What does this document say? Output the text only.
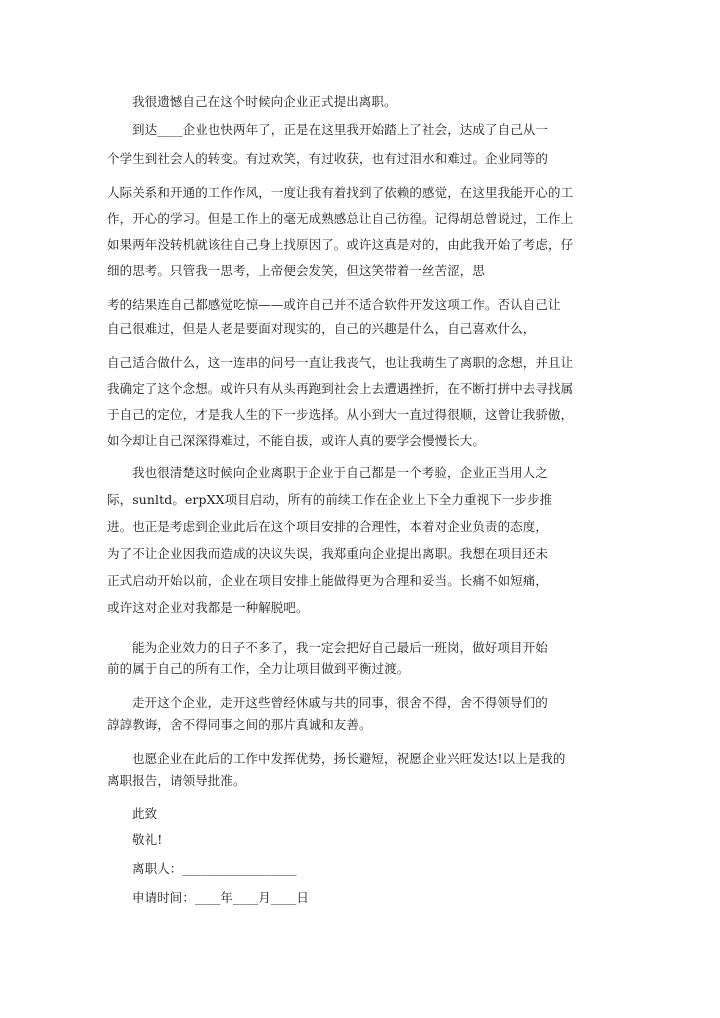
我很遗憾自己在这个时候向企业正式提出离职。
到达____企业也快两年了，正是在这里我开始踏上了社会，达成了自己从一
个学生到社会人的转变。有过欢笑，有过收获，也有过泪水和难过。企业同等的
人际关系和开通的工作作风，一度让我有着找到了依赖的感觉，在这里我能开心的工
作，开心的学习。但是工作上的毫无成熟感总让自己彷徨。记得胡总曾说过，工作上
如果两年没转机就该往自己身上找原因了。或许这真是对的，由此我开始了考虑，仔
细的思考。只管我一思考，上帝便会发笑，但这笑带着一丝苦涩，思
考的结果连自己都感觉吃惊——或许自己并不适合软件开发这项工作。否认自己让
自己很难过，但是人老是要面对现实的，自己的兴趣是什么，自己喜欢什么，
自己适合做什么，这一连串的问号一直让我丧气，也让我萌生了离职的念想，并且让
我确定了这个念想。或许只有从头再跑到社会上去遭遇挫折，在不断打拼中去寻找属
于自己的定位，才是我人生的下一步选择。从小到大一直过得很顺，这曾让我骄傲，
如今却让自己深深得难过，不能自拔，或许人真的要学会慢慢长大。
我也很清楚这时候向企业离职于企业于自己都是一个考验，企业正当用人之
际，sunltd。erpXX项目启动，所有的前续工作在企业上下全力重视下一步步推
进。也正是考虑到企业此后在这个项目安排的合理性，本着对企业负责的态度，
为了不让企业因我而造成的决议失误，我郑重向企业提出离职。我想在项目还未
正式启动开始以前，企业在项目安排上能做得更为合理和妥当。长痛不如短痛，
或许这对企业对我都是一种解脱吧。
能为企业效力的日子不多了，我一定会把好自己最后一班岗，做好项目开始
前的属于自己的所有工作，全力让项目做到平衡过渡。
走开这个企业，走开这些曾经休戚与共的同事，很舍不得，舍不得领导们的
諄諄教诲，舍不得同事之间的那片真诚和友善。
也愿企业在此后的工作中发挥优势，扬长避短，祝愿企业兴旺发达!以上是我的
离职报告，请领导批准。
此致
敬礼!
离职人：__________________
申请时间：____年____月____日
